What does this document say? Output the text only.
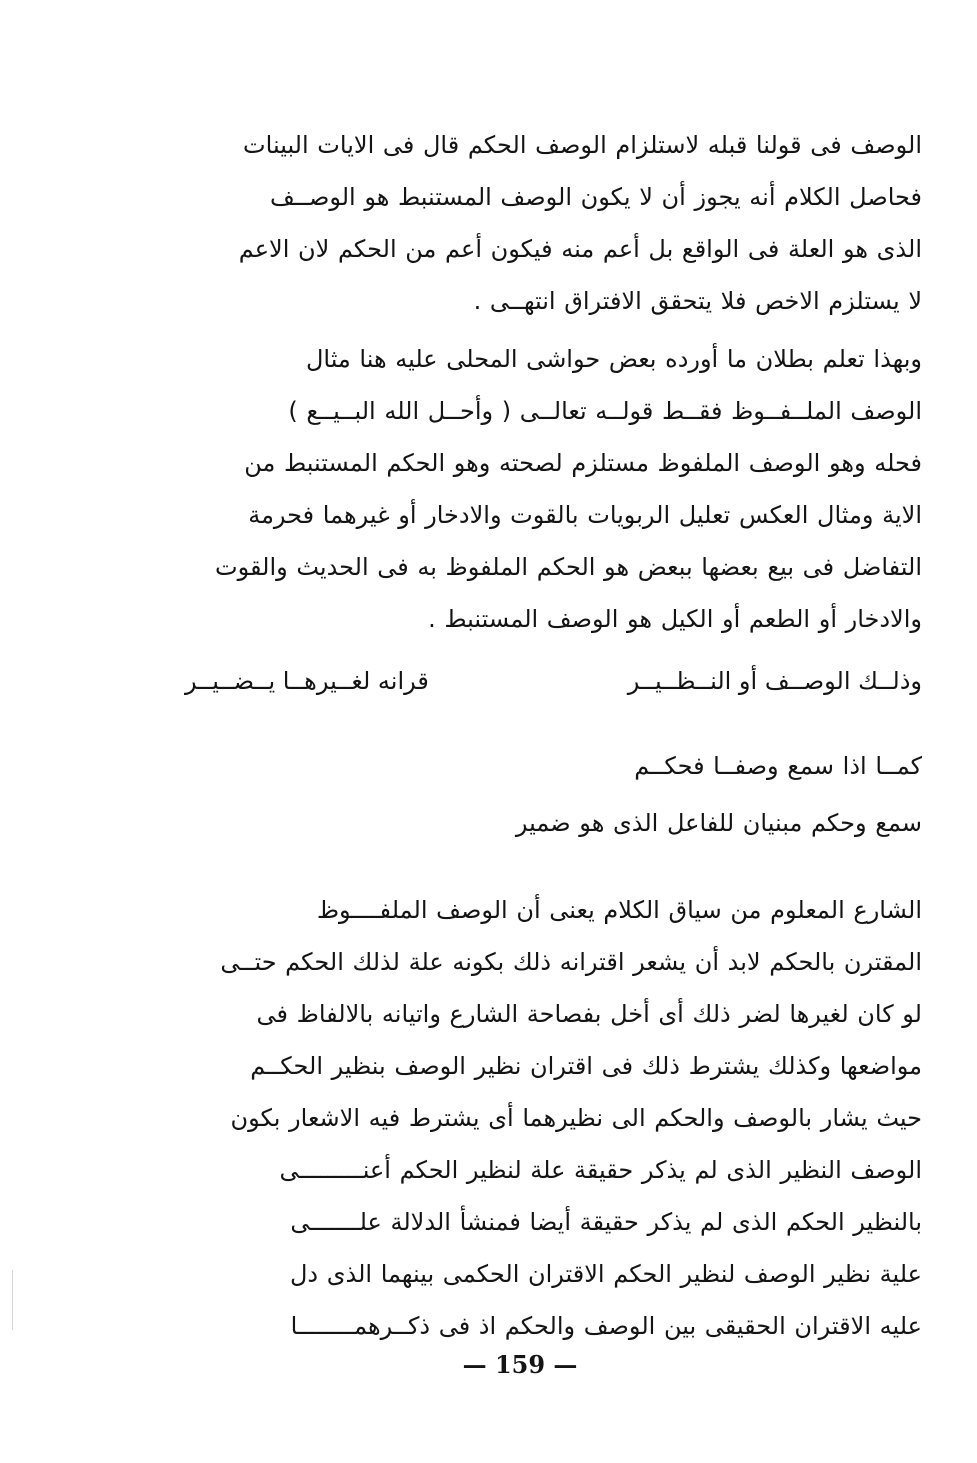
الوصف فى قولنا قبله لاستلزام الوصف الحكم قال فى الايات البينات
فحاصل الكلام أنه يجوز أن لا يكون الوصف المستنبط هو الوصــف
الذى هو العلة فى الواقع بل أعم منه فيكون أعم من الحكم لان الاعم
لا يستلزم الاخص فلا يتحقق الافتراق انتهــى .
وبهذا تعلم بطلان ما أورده بعض حواشى المحلى عليه هنا مثال
الوصف الملــفــوظ فقــط قولــه تعالــى ( وأحــل الله البــيــع )
فحله وهو الوصف الملفوظ مستلزم لصحته وهو الحكم المستنبط من
الاية ومثال العكس تعليل الربويات بالقوت والادخار أو غيرهما فحرمة
التفاضل فى بيع بعضها ببعض هو الحكم الملفوظ به فى الحديث والقوت
والادخار أو الطعم أو الكيل هو الوصف المستنبط .
وذلــك الوصــف أو النــظــيــر
قرانه لغــيرهــا يــضــيــر
كمــا اذا سمع وصفــا فحكــم
سمع وحكم مبنيان للفاعل الذى هو ضمير
الشارع المعلوم من سياق الكلام يعنى أن الوصف الملفــــوظ
المقترن بالحكم لابد أن يشعر اقترانه ذلك بكونه علة لذلك الحكم حتــى
لو كان لغيرها لضر ذلك أى أخل بفصاحة الشارع واتيانه بالالفاظ فى
مواضعها وكذلك يشترط ذلك فى اقتران نظير الوصف بنظير الحكــم
حيث يشار بالوصف والحكم الى نظيرهما أى يشترط فيه الاشعار بكون
الوصف النظير الذى لم يذكر حقيقة علة لنظير الحكم أعنـــــــــى
بالنظير الحكم الذى لم يذكر حقيقة أيضا فمنشأ الدلالة علـــــــى
علية نظير الوصف لنظير الحكم الاقتران الحكمى بينهما الذى دل
عليه الاقتران الحقيقى بين الوصف والحكم اذ فى ذكــرهمــــــــا
— 159 —
